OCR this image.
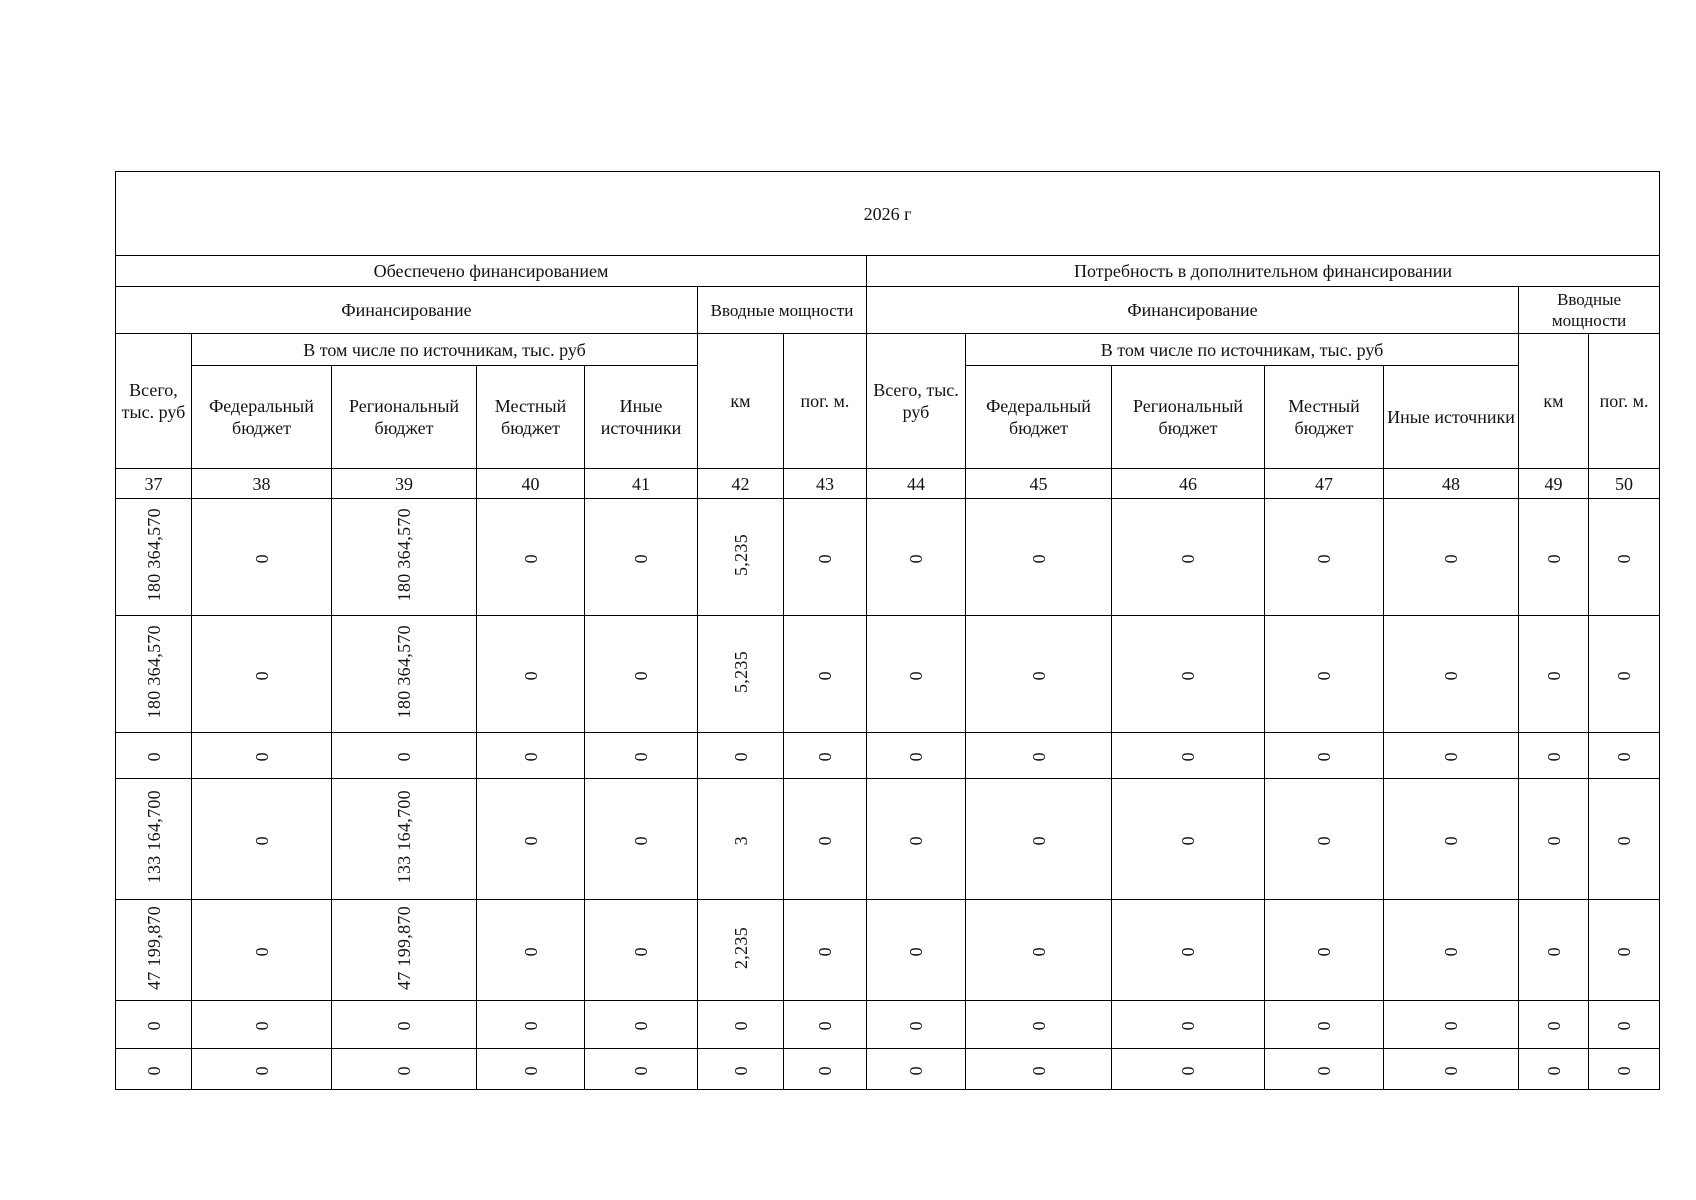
2026 г													
Обеспечено финансированием							Потребность в дополнительном финансировании						
Финансирование					Вводные мощности		Финансирование					Вводные мощности	
Всего, тыс. руб	В том числе по источникам, тыс. руб				км	пог. м.	Всего, тыс. руб	В том числе по источникам, тыс. руб				км	пог. м.
	Федеральный бюджет	Региональный бюджет	Местный бюджет	Иные источники				Федеральный бюджет	Региональный бюджет	Местный бюджет	Иные источники		
37	38	39	40	41	42	43	44	45	46	47	48	49	50
180 364,570	0	180 364,570	0	0	5,235	0	0	0	0	0	0	0	0
180 364,570	0	180 364,570	0	0	5,235	0	0	0	0	0	0	0	0
0	0	0	0	0	0	0	0	0	0	0	0	0	0
133 164,700	0	133 164,700	0	0	3	0	0	0	0	0	0	0	0
47 199,870	0	47 199,870	0	0	2,235	0	0	0	0	0	0	0	0
0	0	0	0	0	0	0	0	0	0	0	0	0	0
0	0	0	0	0	0	0	0	0	0	0	0	0	0
